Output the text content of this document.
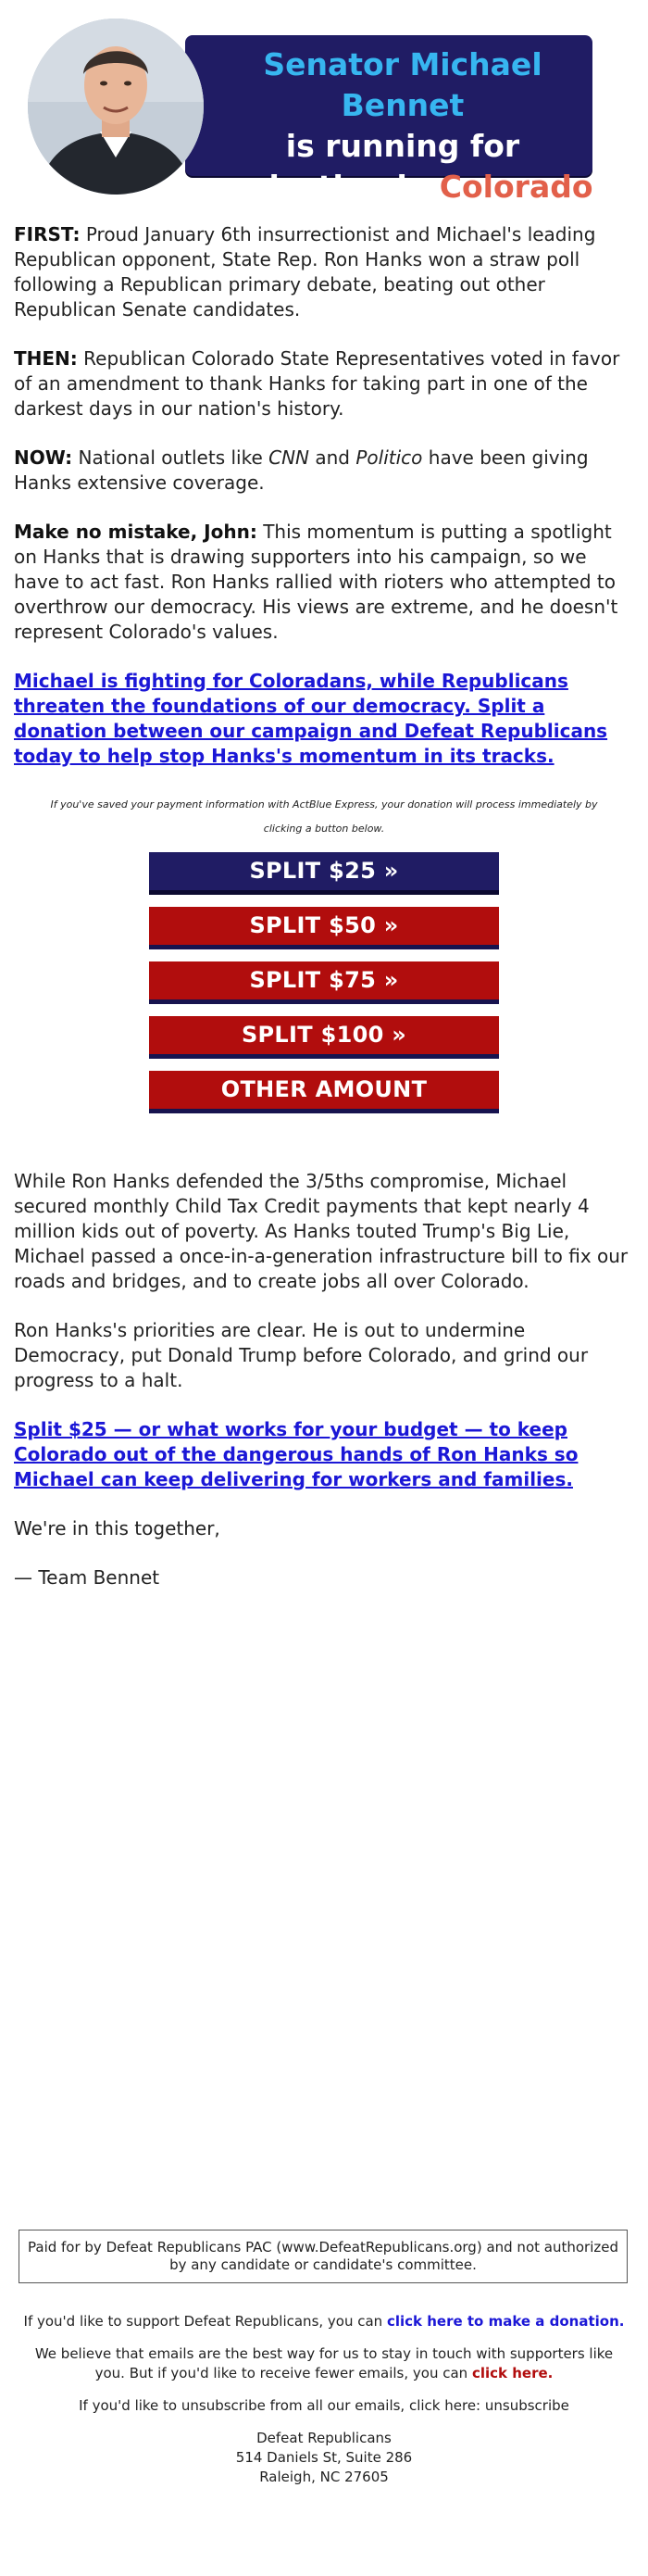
Senator Michael Bennet
is running for
reelection in Colorado

FIRST: Proud January 6th insurrectionist and Michael's leading Republican opponent, State Rep. Ron Hanks won a straw poll following a Republican primary debate, beating out other Republican Senate candidates.

THEN: Republican Colorado State Representatives voted in favor of an amendment to thank Hanks for taking part in one of the darkest days in our nation's history.

NOW: National outlets like CNN and Politico have been giving Hanks extensive coverage.

Make no mistake, John: This momentum is putting a spotlight on Hanks that is drawing supporters into his campaign, so we have to act fast. Ron Hanks rallied with rioters who attempted to overthrow our democracy. His views are extreme, and he doesn't represent Colorado's values.

Michael is fighting for Coloradans, while Republicans threaten the foundations of our democracy. Split a donation between our campaign and Defeat Republicans today to help stop Hanks's momentum in its tracks.

If you've saved your payment information with ActBlue Express, your donation will process immediately by clicking a button below.
SPLIT $25 »
SPLIT $50 »
SPLIT $75 »
SPLIT $100 »
OTHER AMOUNT

While Ron Hanks defended the 3/5ths compromise, Michael secured monthly Child Tax Credit payments that kept nearly 4 million kids out of poverty. As Hanks touted Trump's Big Lie, Michael passed a once-in-a-generation infrastructure bill to fix our roads and bridges, and to create jobs all over Colorado.

Ron Hanks's priorities are clear. He is out to undermine Democracy, put Donald Trump before Colorado, and grind our progress to a halt.

Split $25 — or what works for your budget — to keep Colorado out of the dangerous hands of Ron Hanks so Michael can keep delivering for workers and families.

We're in this together,

— Team Bennet

Paid for by Defeat Republicans PAC (www.DefeatRepublicans.org) and not authorized by any candidate or candidate's committee.

If you'd like to support Defeat Republicans, you can click here to make a donation.

We believe that emails are the best way for us to stay in touch with supporters like you. But if you'd like to receive fewer emails, you can click here.

If you'd like to unsubscribe from all our emails, click here: unsubscribe

Defeat Republicans
514 Daniels St, Suite 286
Raleigh, NC 27605
